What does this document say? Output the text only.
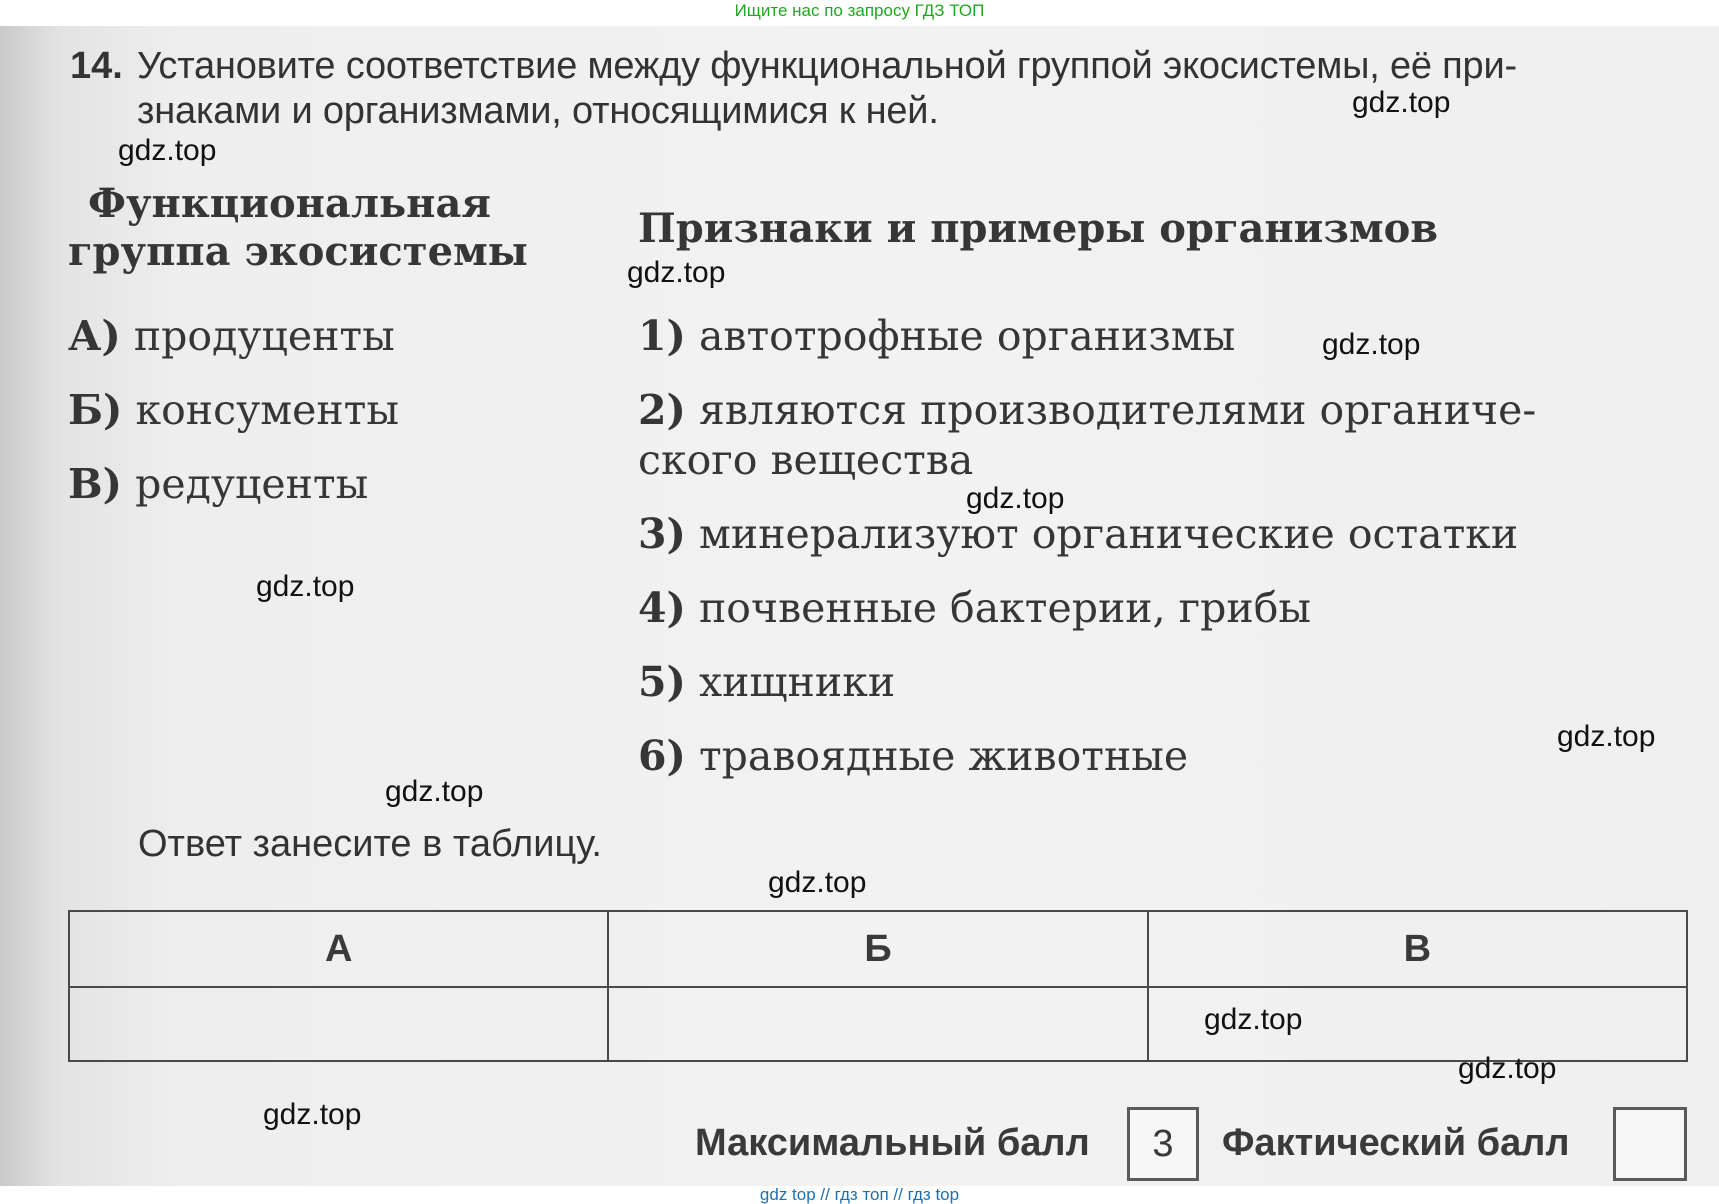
Ищите нас по запросу ГДЗ ТОП
14. Установите соответствие между функциональной группой экосистемы, её при-
знаками и организмами, относящимися к ней.
Функциональная
группа экосистемы
А) продуценты
Б) консументы
В) редуценты
Признаки и примеры организмов
1) автотрофные организмы
2) являются производителями органиче-
ского вещества
3) минерализуют органические остатки
4) почвенные бактерии, грибы
5) хищники
6) травоядные животные
Ответ занесите в таблицу.
А	Б	В

Максимальный балл	3	Фактический балл
gdz.top
gdz.top
gdz.top
gdz.top
gdz.top
gdz.top
gdz.top
gdz.top
gdz.top
gdz.top
gdz.top
gdz.top
gdz top // гдз топ // гдз top
